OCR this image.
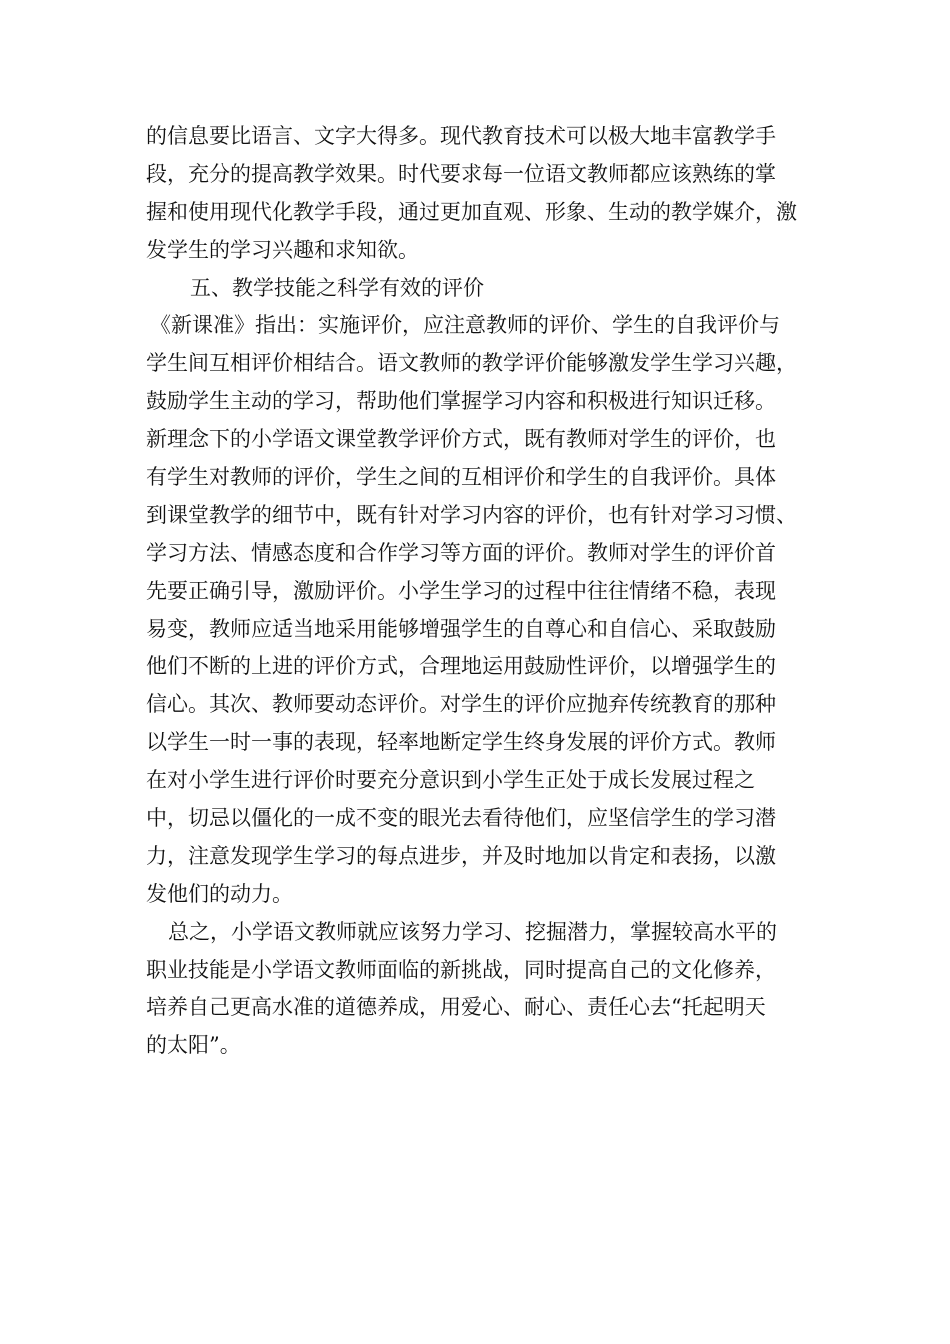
的信息要比语言、文字大得多。现代教育技术可以极大地丰富教学手

段，充分的提高教学效果。时代要求每一位语文教师都应该熟练的掌

握和使用现代化教学手段，通过更加直观、形象、生动的教学媒介，激

发学生的学习兴趣和求知欲。

五、教学技能之科学有效的评价

《新课准》指出：实施评价，应注意教师的评价、学生的自我评价与

学生间互相评价相结合。语文教师的教学评价能够激发学生学习兴趣，

鼓励学生主动的学习，帮助他们掌握学习内容和积极进行知识迁移。

新理念下的小学语文课堂教学评价方式，既有教师对学生的评价，也

有学生对教师的评价，学生之间的互相评价和学生的自我评价。具体

到课堂教学的细节中，既有针对学习内容的评价，也有针对学习习惯、

学习方法、情感态度和合作学习等方面的评价。教师对学生的评价首

先要正确引导，激励评价。小学生学习的过程中往往情绪不稳，表现

易变，教师应适当地采用能够增强学生的自尊心和自信心、采取鼓励

他们不断的上进的评价方式，合理地运用鼓励性评价，以增强学生的

信心。其次、教师要动态评价。对学生的评价应抛弃传统教育的那种

以学生一时一事的表现，轻率地断定学生终身发展的评价方式。教师

在对小学生进行评价时要充分意识到小学生正处于成长发展过程之

中，切忌以僵化的一成不变的眼光去看待他们，应坚信学生的学习潜

力，注意发现学生学习的每点进步，并及时地加以肯定和表扬，以激

发他们的动力。

总之，小学语文教师就应该努力学习、挖掘潜力，掌握较高水平的

职业技能是小学语文教师面临的新挑战，同时提高自己的文化修养，

培养自己更高水准的道德养成，用爱心、耐心、责任心去“托起明天

的太阳”。
